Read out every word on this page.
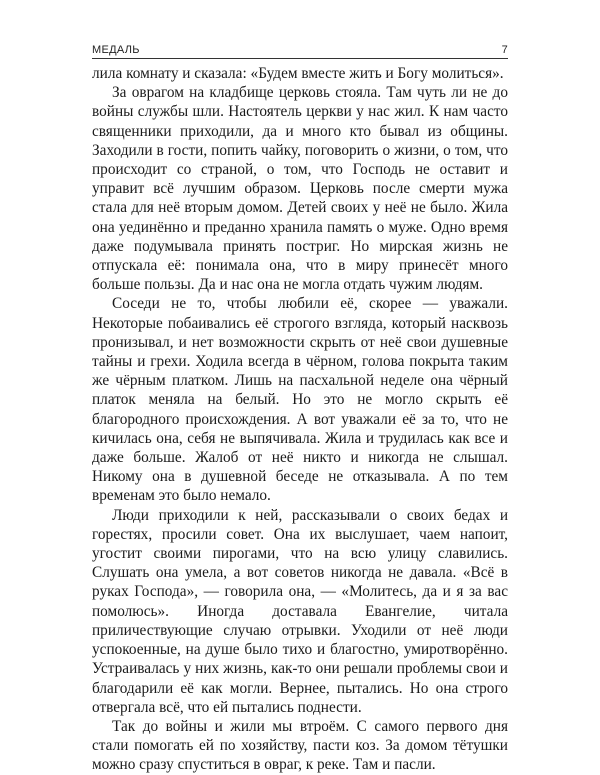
МЕДАЛЬ	7

лила комнату и сказала: «Будем вместе жить и Богу молиться».

За оврагом на кладбище церковь стояла. Там чуть ли не до войны службы шли. Настоятель церкви у нас жил. К нам часто священники приходили, да и много кто бывал из общины. Заходили в гости, попить чайку, поговорить о жизни, о том, что происходит со страной, о том, что Господь не оставит и управит всё лучшим образом. Церковь после смерти мужа стала для неё вторым домом. Детей своих у неё не было. Жила она уединённо и преданно хранила память о муже. Одно время даже подумывала принять постриг. Но мирская жизнь не отпускала её: понимала она, что в миру принесёт много больше пользы. Да и нас она не могла отдать чужим людям.

Соседи не то, чтобы любили её, скорее — уважали. Некоторые побаивались её строгого взгляда, который насквозь пронизывал, и нет возможности скрыть от неё свои душевные тайны и грехи. Ходила всегда в чёрном, голова покрыта таким же чёрным платком. Лишь на пасхальной неделе она чёрный платок меняла на белый. Но это не могло скрыть её благородного происхождения. А вот уважали её за то, что не кичилась она, себя не выпячивала. Жила и трудилась как все и даже больше. Жалоб от неё никто и никогда не слышал. Никому она в душевной беседе не отказывала. А по тем временам это было немало.

Люди приходили к ней, рассказывали о своих бедах и горестях, просили совет. Она их выслушает, чаем напоит, угостит своими пирогами, что на всю улицу славились. Слушать она умела, а вот советов никогда не давала. «Всё в руках Господа», — говорила она, — «Молитесь, да и я за вас помолюсь». Иногда доставала Евангелие, читала приличествующие случаю отрывки. Уходили от неё люди успокоенные, на душе было тихо и благостно, умиротворённо. Устраивалась у них жизнь, как-то они решали проблемы свои и благодарили её как могли. Вернее, пытались. Но она строго отвергала всё, что ей пытались поднести.

Так до войны и жили мы втроём. С самого первого дня стали помогать ей по хозяйству, пасти коз. За домом тётушки можно сразу спуститься в овраг, к реке. Там и пасли.
